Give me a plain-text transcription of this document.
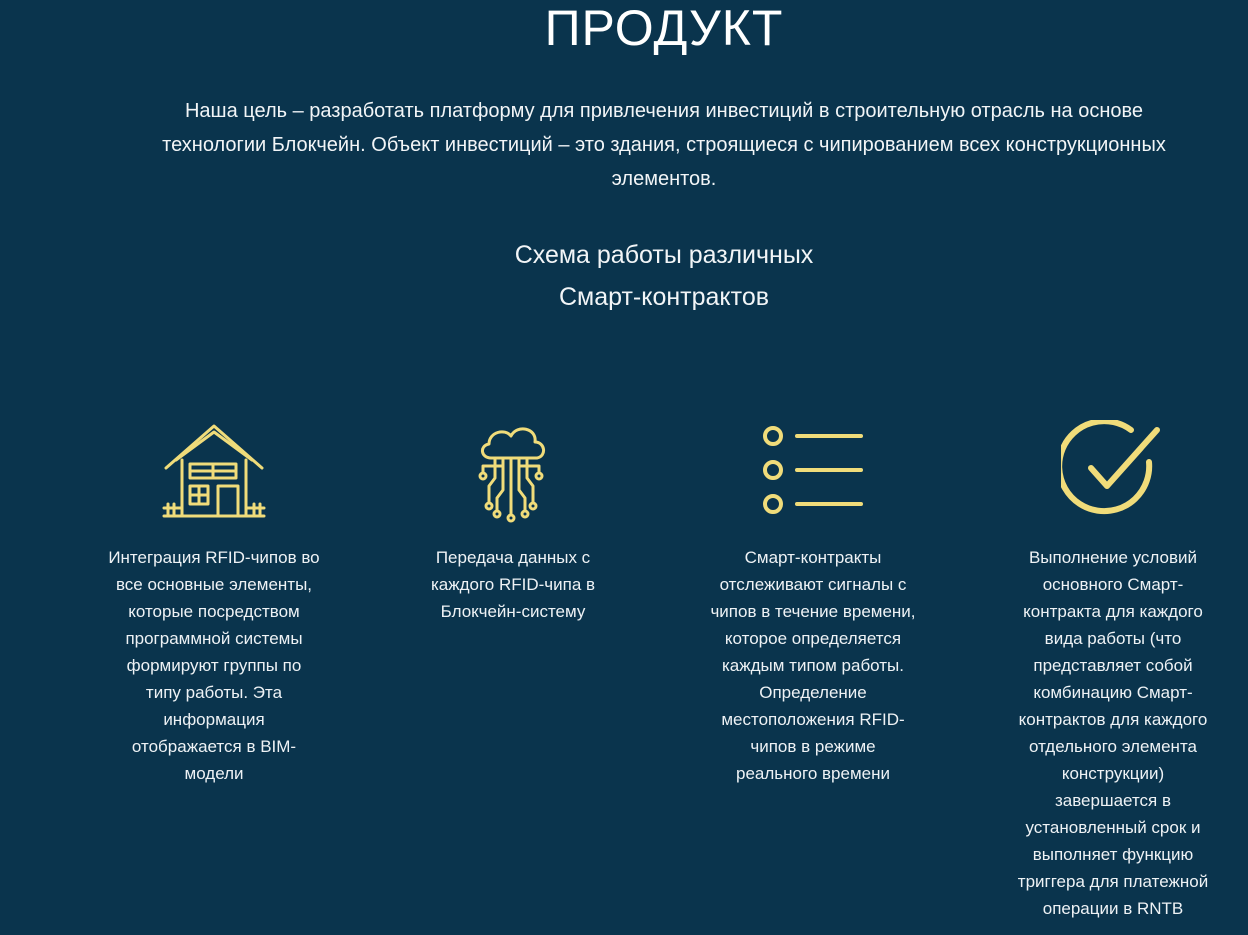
ПРОДУКТ

Наша цель – разработать платформу для привлечения инвестиций в строительную отрасль на основе
технологии Блокчейн. Объект инвестиций – это здания, строящиеся с чипированием всех конструкционных
элементов.

Схема работы различных
Смарт-контрактов
Интеграция RFID-чипов во
все основные элементы,
которые посредством
программной системы
формируют группы по
типу работы. Эта
информация
отображается в BIM-
модели
Передача данных с
каждого RFID-чипа в
Блокчейн-систему
Смарт-контракты
отслеживают сигналы с
чипов в течение времени,
которое определяется
каждым типом работы.
Определение
местоположения RFID-
чипов в режиме
реального времени
Выполнение условий
основного Смарт-
контракта для каждого
вида работы (что
представляет собой
комбинацию Смарт-
контрактов для каждого
отдельного элемента
конструкции)
завершается в
установленный срок и
выполняет функцию
триггера для платежной
операции в RNTB
